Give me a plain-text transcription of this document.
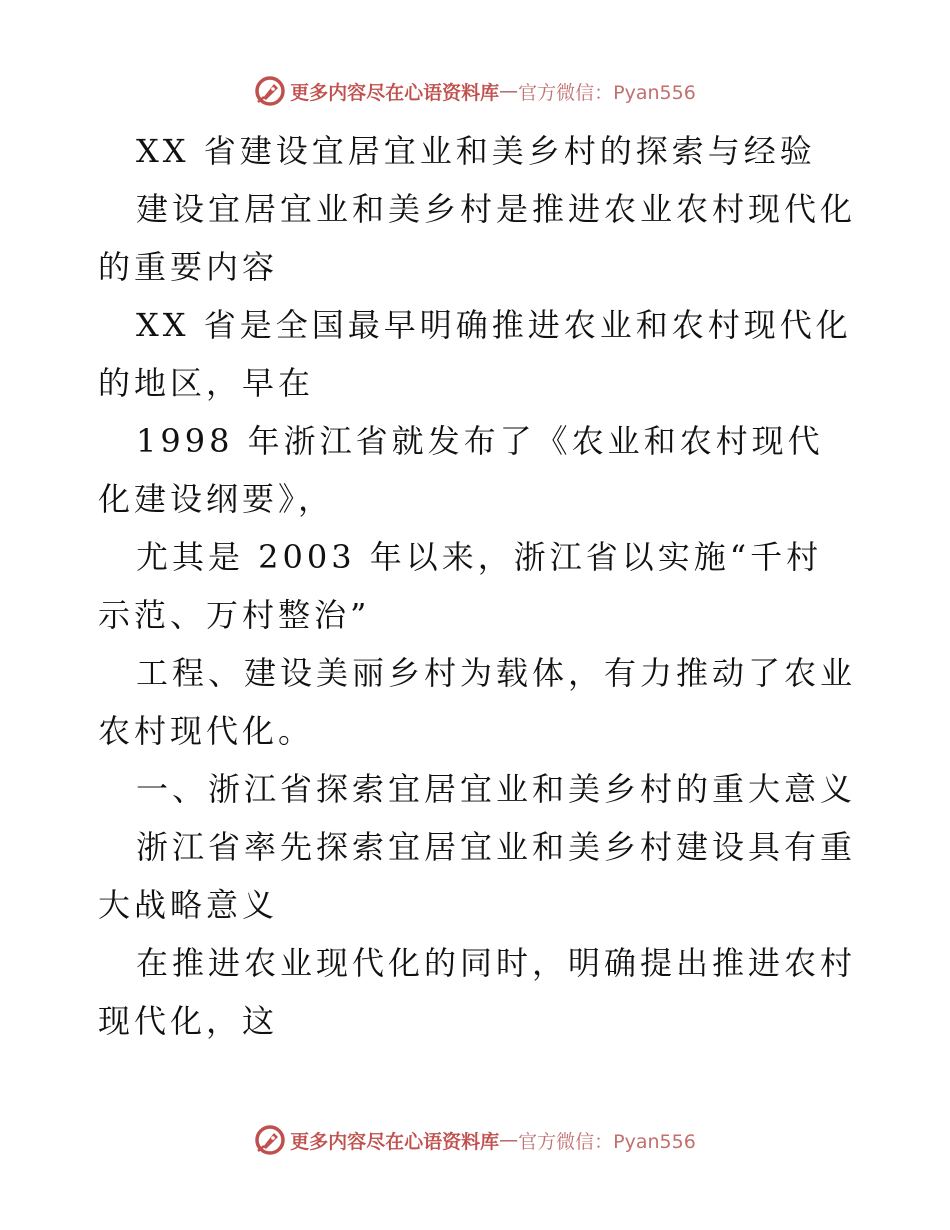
更多内容尽在心语资料库 — 官方微信：Pyan556

XX 省建设宜居宜业和美乡村的探索与经验

建设宜居宜业和美乡村是推进农业农村现代化的重要内容

XX 省是全国最早明确推进农业和农村现代化的地区，早在

1998 年浙江省就发布了《农业和农村现代化建设纲要》，

尤其是 2003 年以来，浙江省以实施“千村示范、万村整治”

工程、建设美丽乡村为载体，有力推动了农业农村现代化。

一、浙江省探索宜居宜业和美乡村的重大意义

浙江省率先探索宜居宜业和美乡村建设具有重大战略意义

在推进农业现代化的同时，明确提出推进农村现代化，这

更多内容尽在心语资料库 — 官方微信：Pyan556
